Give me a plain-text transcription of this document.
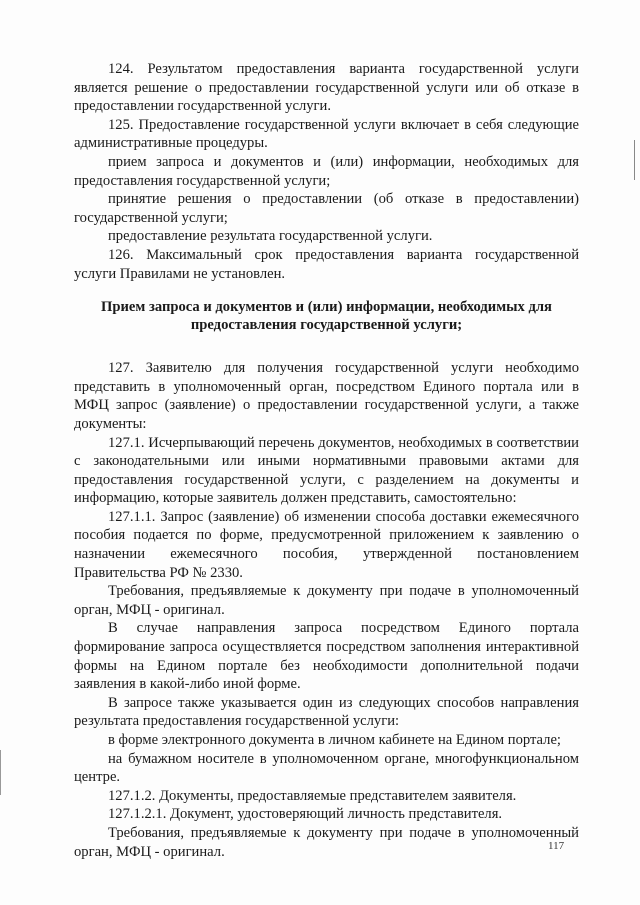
124. Результатом предоставления варианта государственной услуги является решение о предоставлении государственной услуги или об отказе в предоставлении государственной услуги.

125. Предоставление государственной услуги включает в себя следующие административные процедуры.

прием запроса и документов и (или) информации, необходимых для предоставления государственной услуги;

принятие решения о предоставлении (об отказе в предоставлении) государственной услуги;

предоставление результата государственной услуги.

126. Максимальный срок предоставления варианта государственной услуги Правилами не установлен.

Прием запроса и документов и (или) информации, необходимых для предоставления государственной услуги;

127. Заявителю для получения государственной услуги необходимо представить в уполномоченный орган, посредством Единого портала или в МФЦ запрос (заявление) о предоставлении государственной услуги, а также документы:

127.1. Исчерпывающий перечень документов, необходимых в соответствии с законодательными или иными нормативными правовыми актами для предоставления государственной услуги, с разделением на документы и информацию, которые заявитель должен представить, самостоятельно:

127.1.1. Запрос (заявление) об изменении способа доставки ежемесячного пособия подается по форме, предусмотренной приложением к заявлению о назначении ежемесячного пособия, утвержденной постановлением Правительства РФ № 2330.

Требования, предъявляемые к документу при подаче в уполномоченный орган, МФЦ - оригинал.

В случае направления запроса посредством Единого портала формирование запроса осуществляется посредством заполнения интерактивной формы на Едином портале без необходимости дополнительной подачи заявления в какой-либо иной форме.

В запросе также указывается один из следующих способов направления результата предоставления государственной услуги:

в форме электронного документа в личном кабинете на Едином портале;

на бумажном носителе в уполномоченном органе, многофункциональном центре.

127.1.2. Документы, предоставляемые представителем заявителя.

127.1.2.1. Документ, удостоверяющий личность представителя.

Требования, предъявляемые к документу при подаче в уполномоченный орган, МФЦ - оригинал.	117
